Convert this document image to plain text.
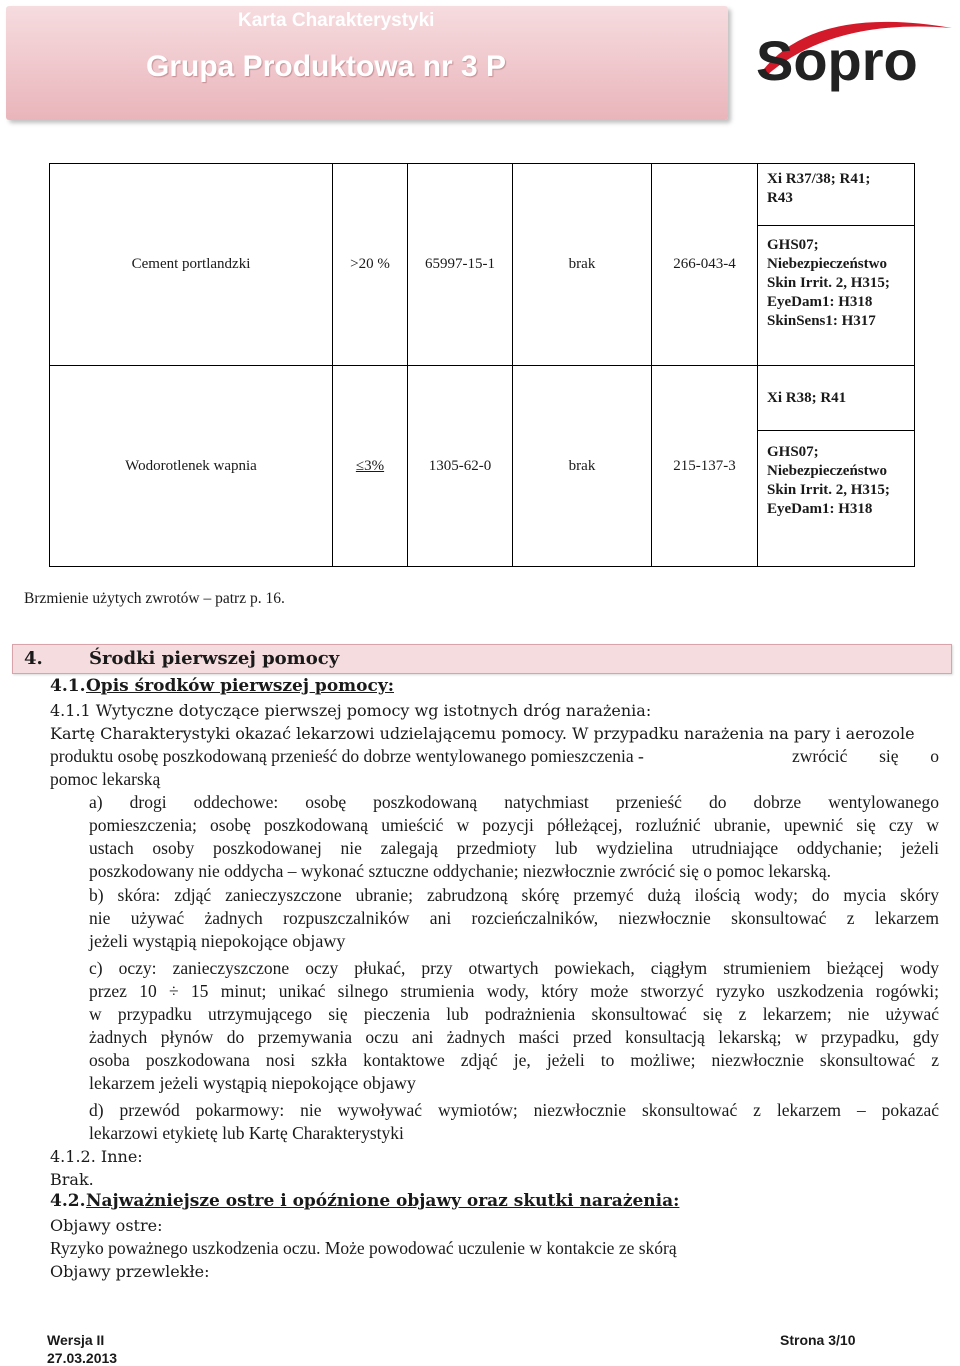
Karta Charakterystyki
Grupa Produktowa nr 3 P	Sopro
Cement portlandzki	>20 %	65997-15-1	brak	266-043-4	Xi R37/38; R41;
R43

					GHS07;
Niebezpieczeństwo
Skin Irrit. 2, H315;
EyeDam1: H318
SkinSens1: H317

Wodorotlenek wapnia	≤3%	1305-62-0	brak	215-137-3	Xi R38; R41

					GHS07;
Niebezpieczeństwo
Skin Irrit. 2, H315;
EyeDam1: H318
Brzmienie użytych zwrotów – patrz p. 16.
4.	Środki pierwszej pomocy
4.1. Opis środków pierwszej pomocy:
4.1.1 Wytyczne dotyczące pierwszej pomocy wg istotnych dróg narażenia:
Kartę Charakterystyki okazać lekarzowi udzielającemu pomocy. W przypadku narażenia na pary i aerozole
produktu osobę poszkodowaną przenieść do dobrze wentylowanego pomieszczenia -	zwrócić się o
pomoc lekarską
a) drogi oddechowe: osobę poszkodowaną natychmiast przenieść do dobrze wentylowanego
pomieszczenia; osobę poszkodowaną umieścić w pozycji półleżącej, rozluźnić ubranie, upewnić się czy w
ustach osoby poszkodowanej nie zalegają przedmioty lub wydzielina utrudniające oddychanie; jeżeli
poszkodowany nie oddycha – wykonać sztuczne oddychanie; niezwłocznie zwrócić się o pomoc lekarską.
b) skóra: zdjąć zanieczyszczone ubranie; zabrudzoną skórę przemyć dużą ilością wody; do mycia skóry
nie używać żadnych rozpuszczalników ani rozcieńczalników, niezwłocznie skonsultować z lekarzem
jeżeli wystąpią niepokojące objawy
c) oczy: zanieczyszczone oczy płukać, przy otwartych powiekach, ciągłym strumieniem bieżącej wody
przez 10 ÷ 15 minut; unikać silnego strumienia wody, który może stworzyć ryzyko uszkodzenia rogówki;
w przypadku utrzymującego się pieczenia lub podrażnienia skonsultować się z lekarzem; nie używać
żadnych płynów do przemywania oczu ani żadnych maści przed konsultacją lekarską; w przypadku, gdy
osoba poszkodowana nosi szkła kontaktowe zdjąć je, jeżeli to możliwe; niezwłocznie skonsultować z
lekarzem jeżeli wystąpią niepokojące objawy
d) przewód pokarmowy: nie wywoływać wymiotów; niezwłocznie skonsultować z lekarzem – pokazać
lekarzowi etykietę lub Kartę Charakterystyki
4.1.2. Inne:
Brak.
4.2. Najważniejsze ostre i opóźnione objawy oraz skutki narażenia:
Objawy ostre:
Ryzyko poważnego uszkodzenia oczu. Może powodować uczulenie w kontakcie ze skórą
Objawy przewlekłe:
Wersja II
27.03.2013
Strona 3/10
